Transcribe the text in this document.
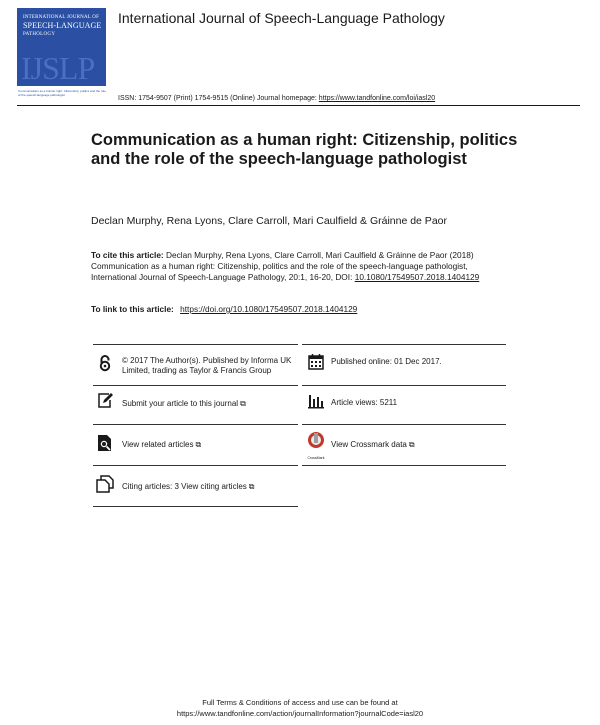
INTERNATIONAL JOURNAL OF
SPEECH-LANGUAGE
PATHOLOGY
IJSLP
Communication as a human right: Citizenship, politics and the role of the speech-language pathologist
International Journal of Speech-Language Pathology
ISSN: 1754-9507 (Print) 1754-9515 (Online) Journal homepage: https://www.tandfonline.com/loi/iasl20
Communication as a human right: Citizenship, politics and the role of the speech-language pathologist
Declan Murphy, Rena Lyons, Clare Carroll, Mari Caulfield & Gráinne de Paor
To cite this article: Declan Murphy, Rena Lyons, Clare Carroll, Mari Caulfield & Gráinne de Paor (2018) Communication as a human right: Citizenship, politics and the role of the speech-language pathologist, International Journal of Speech-Language Pathology, 20:1, 16-20, DOI: 10.1080/17549507.2018.1404129
To link to this article: https://doi.org/10.1080/17549507.2018.1404129
© 2017 The Author(s). Published by Informa UK Limited, trading as Taylor & Francis Group
Published online: 01 Dec 2017.
Submit your article to this journal ⧉	Article views: 5211
View related articles ⧉
CrossMark
View Crossmark data ⧉
Citing articles: 3 View citing articles ⧉
Full Terms & Conditions of access and use can be found at
https://www.tandfonline.com/action/journalInformation?journalCode=iasl20
